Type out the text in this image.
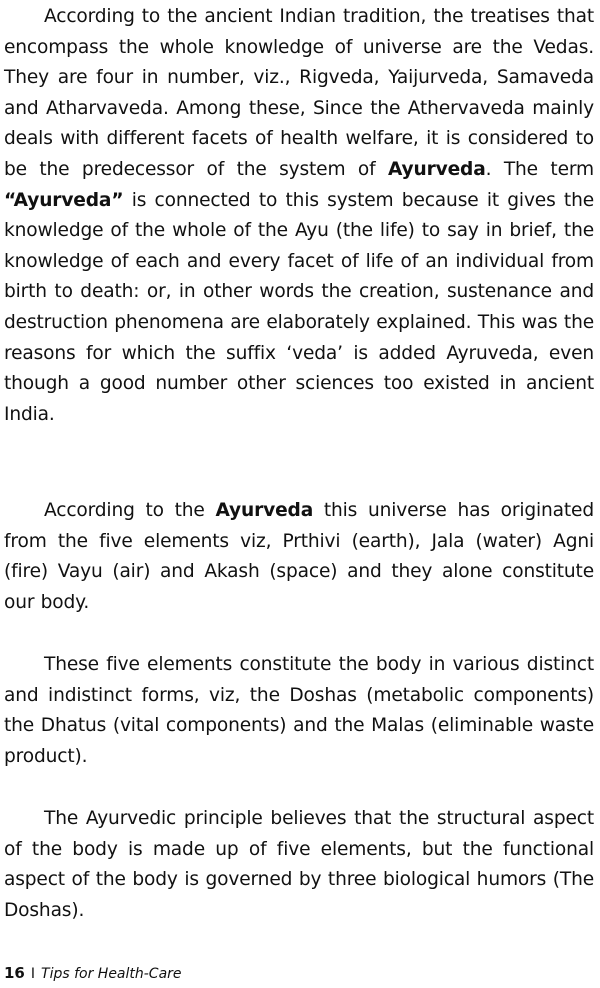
According to the ancient Indian tradition, the treatises that encompass the whole knowledge of universe are the Vedas. They are four in number, viz., Rigveda, Yaijurveda, Samaveda and Atharvaveda. Among these, Since the Athervaveda mainly deals with different facets of health welfare, it is considered to be the predecessor of the system of Ayurveda. The term “Ayurveda” is connected to this system because it gives the knowledge of the whole of the Ayu (the life) to say in brief, the knowledge of each and every facet of life of an individual from birth to death: or, in other words the creation, sustenance and destruction phenomena are elaborately explained. This was the reasons for which the suffix ‘veda’ is added Ayruveda, even though a good number other sciences too existed in ancient India.

According to the Ayurveda this universe has originated from the five elements viz, Prthivi (earth), Jala (water) Agni (fire) Vayu (air) and Akash (space) and they alone constitute our body.

These five elements constitute the body in various distinct and indistinct forms, viz, the Doshas (metabolic components) the Dhatus (vital components) and the Malas (eliminable waste product).

The Ayurvedic principle believes that the structural aspect of the body is made up of five elements, but the functional aspect of the body is governed by three biological humors (The Doshas).

16 I Tips for Health-Care
